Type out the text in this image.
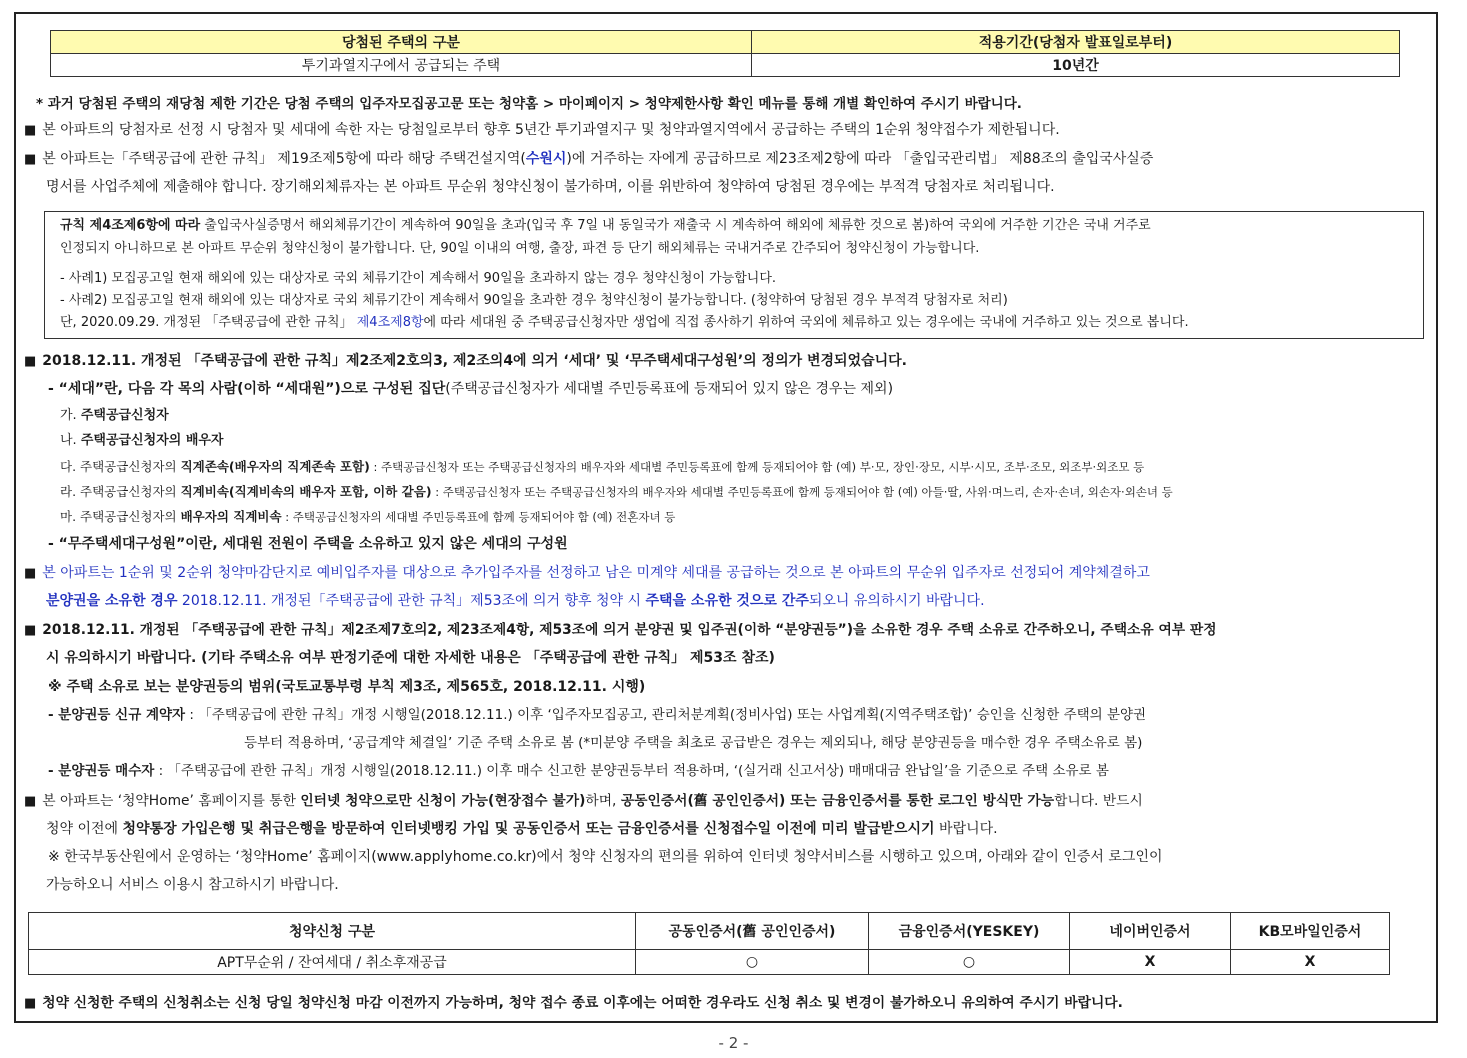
당첨된 주택의 구분	적용기간(당첨자 발표일로부터)
투기과열지구에서 공급되는 주택	10년간
* 과거 당첨된 주택의 재당첨 제한 기간은 당첨 주택의 입주자모집공고문 또는 청약홈 > 마이페이지 > 청약제한사항 확인 메뉴를 통해 개별 확인하여 주시기 바랍니다.
■ 본 아파트의 당첨자로 선정 시 당첨자 및 세대에 속한 자는 당첨일로부터 향후 5년간 투기과열지구 및 청약과열지역에서 공급하는 주택의 1순위 청약접수가 제한됩니다.
■ 본 아파트는「주택공급에 관한 규칙」 제19조제5항에 따라 해당 주택건설지역(수원시)에 거주하는 자에게 공급하므로 제23조제2항에 따라 「출입국관리법」 제88조의 출입국사실증
명서를 사업주체에 제출해야 합니다. 장기해외체류자는 본 아파트 무순위 청약신청이 불가하며, 이를 위반하여 청약하여 당첨된 경우에는 부적격 당첨자로 처리됩니다.
규칙 제4조제6항에 따라 출입국사실증명서 해외체류기간이 계속하여 90일을 초과(입국 후 7일 내 동일국가 재출국 시 계속하여 해외에 체류한 것으로 봄)하여 국외에 거주한 기간은 국내 거주로
인정되지 아니하므로 본 아파트 무순위 청약신청이 불가합니다. 단, 90일 이내의 여행, 출장, 파견 등 단기 해외체류는 국내거주로 간주되어 청약신청이 가능합니다.
- 사례1) 모집공고일 현재 해외에 있는 대상자로 국외 체류기간이 계속해서 90일을 초과하지 않는 경우 청약신청이 가능합니다.
- 사례2) 모집공고일 현재 해외에 있는 대상자로 국외 체류기간이 계속해서 90일을 초과한 경우 청약신청이 불가능합니다. (청약하여 당첨된 경우 부적격 당첨자로 처리)
단, 2020.09.29. 개정된 「주택공급에 관한 규칙」 제4조제8항에 따라 세대원 중 주택공급신청자만 생업에 직접 종사하기 위하여 국외에 체류하고 있는 경우에는 국내에 거주하고 있는 것으로 봅니다.
■ 2018.12.11. 개정된 「주택공급에 관한 규칙」제2조제2호의3, 제2조의4에 의거 ‘세대’ 및 ‘무주택세대구성원’의 정의가 변경되었습니다.
- “세대”란, 다음 각 목의 사람(이하 “세대원”)으로 구성된 집단(주택공급신청자가 세대별 주민등록표에 등재되어 있지 않은 경우는 제외)
가. 주택공급신청자
나. 주택공급신청자의 배우자
다. 주택공급신청자의 직계존속(배우자의 직계존속 포함) : 주택공급신청자 또는 주택공급신청자의 배우자와 세대별 주민등록표에 함께 등재되어야 함 (예) 부·모, 장인·장모, 시부·시모, 조부·조모, 외조부·외조모 등
라. 주택공급신청자의 직계비속(직계비속의 배우자 포함, 이하 같음) : 주택공급신청자 또는 주택공급신청자의 배우자와 세대별 주민등록표에 함께 등재되어야 함 (예) 아들·딸, 사위·며느리, 손자·손녀, 외손자·외손녀 등
마. 주택공급신청자의 배우자의 직계비속 : 주택공급신청자의 세대별 주민등록표에 함께 등재되어야 함 (예) 전혼자녀 등
- “무주택세대구성원”이란, 세대원 전원이 주택을 소유하고 있지 않은 세대의 구성원
■ 본 아파트는 1순위 및 2순위 청약마감단지로 예비입주자를 대상으로 추가입주자를 선정하고 남은 미계약 세대를 공급하는 것으로 본 아파트의 무순위 입주자로 선정되어 계약체결하고
분양권을 소유한 경우 2018.12.11. 개정된「주택공급에 관한 규칙」제53조에 의거 향후 청약 시 주택을 소유한 것으로 간주되오니 유의하시기 바랍니다.
■ 2018.12.11. 개정된 「주택공급에 관한 규칙」제2조제7호의2, 제23조제4항, 제53조에 의거 분양권 및 입주권(이하 “분양권등”)을 소유한 경우 주택 소유로 간주하오니, 주택소유 여부 판정
시 유의하시기 바랍니다. (기타 주택소유 여부 판정기준에 대한 자세한 내용은 「주택공급에 관한 규칙」 제53조 참조)
※ 주택 소유로 보는 분양권등의 범위(국토교통부령 부칙 제3조, 제565호, 2018.12.11. 시행)
- 분양권등 신규 계약자 : 「주택공급에 관한 규칙」개정 시행일(2018.12.11.) 이후 ‘입주자모집공고, 관리처분계획(정비사업) 또는 사업계획(지역주택조합)’ 승인을 신청한 주택의 분양권
등부터 적용하며, ‘공급계약 체결일’ 기준 주택 소유로 봄 (*미분양 주택을 최초로 공급받은 경우는 제외되나, 해당 분양권등을 매수한 경우 주택소유로 봄)
- 분양권등 매수자 : 「주택공급에 관한 규칙」개정 시행일(2018.12.11.) 이후 매수 신고한 분양권등부터 적용하며, ‘(실거래 신고서상) 매매대금 완납일’을 기준으로 주택 소유로 봄
■ 본 아파트는 ‘청약Home’ 홈페이지를 통한 인터넷 청약으로만 신청이 가능(현장접수 불가)하며, 공동인증서(舊 공인인증서) 또는 금융인증서를 통한 로그인 방식만 가능합니다. 반드시
청약 이전에 청약통장 가입은행 및 취급은행을 방문하여 인터넷뱅킹 가입 및 공동인증서 또는 금융인증서를 신청접수일 이전에 미리 발급받으시기 바랍니다.
※ 한국부동산원에서 운영하는 ‘청약Home’ 홈페이지(www.applyhome.co.kr)에서 청약 신청자의 편의를 위하여 인터넷 청약서비스를 시행하고 있으며, 아래와 같이 인증서 로그인이
가능하오니 서비스 이용시 참고하시기 바랍니다.
청약신청 구분	공동인증서(舊 공인인증서)	금융인증서(YESKEY)	네이버인증서	KB모바일인증서
APT무순위 / 잔여세대 / 취소후재공급	○	○	X	X
■ 청약 신청한 주택의 신청취소는 신청 당일 청약신청 마감 이전까지 가능하며, 청약 접수 종료 이후에는 어떠한 경우라도 신청 취소 및 변경이 불가하오니 유의하여 주시기 바랍니다.
- 2 -
